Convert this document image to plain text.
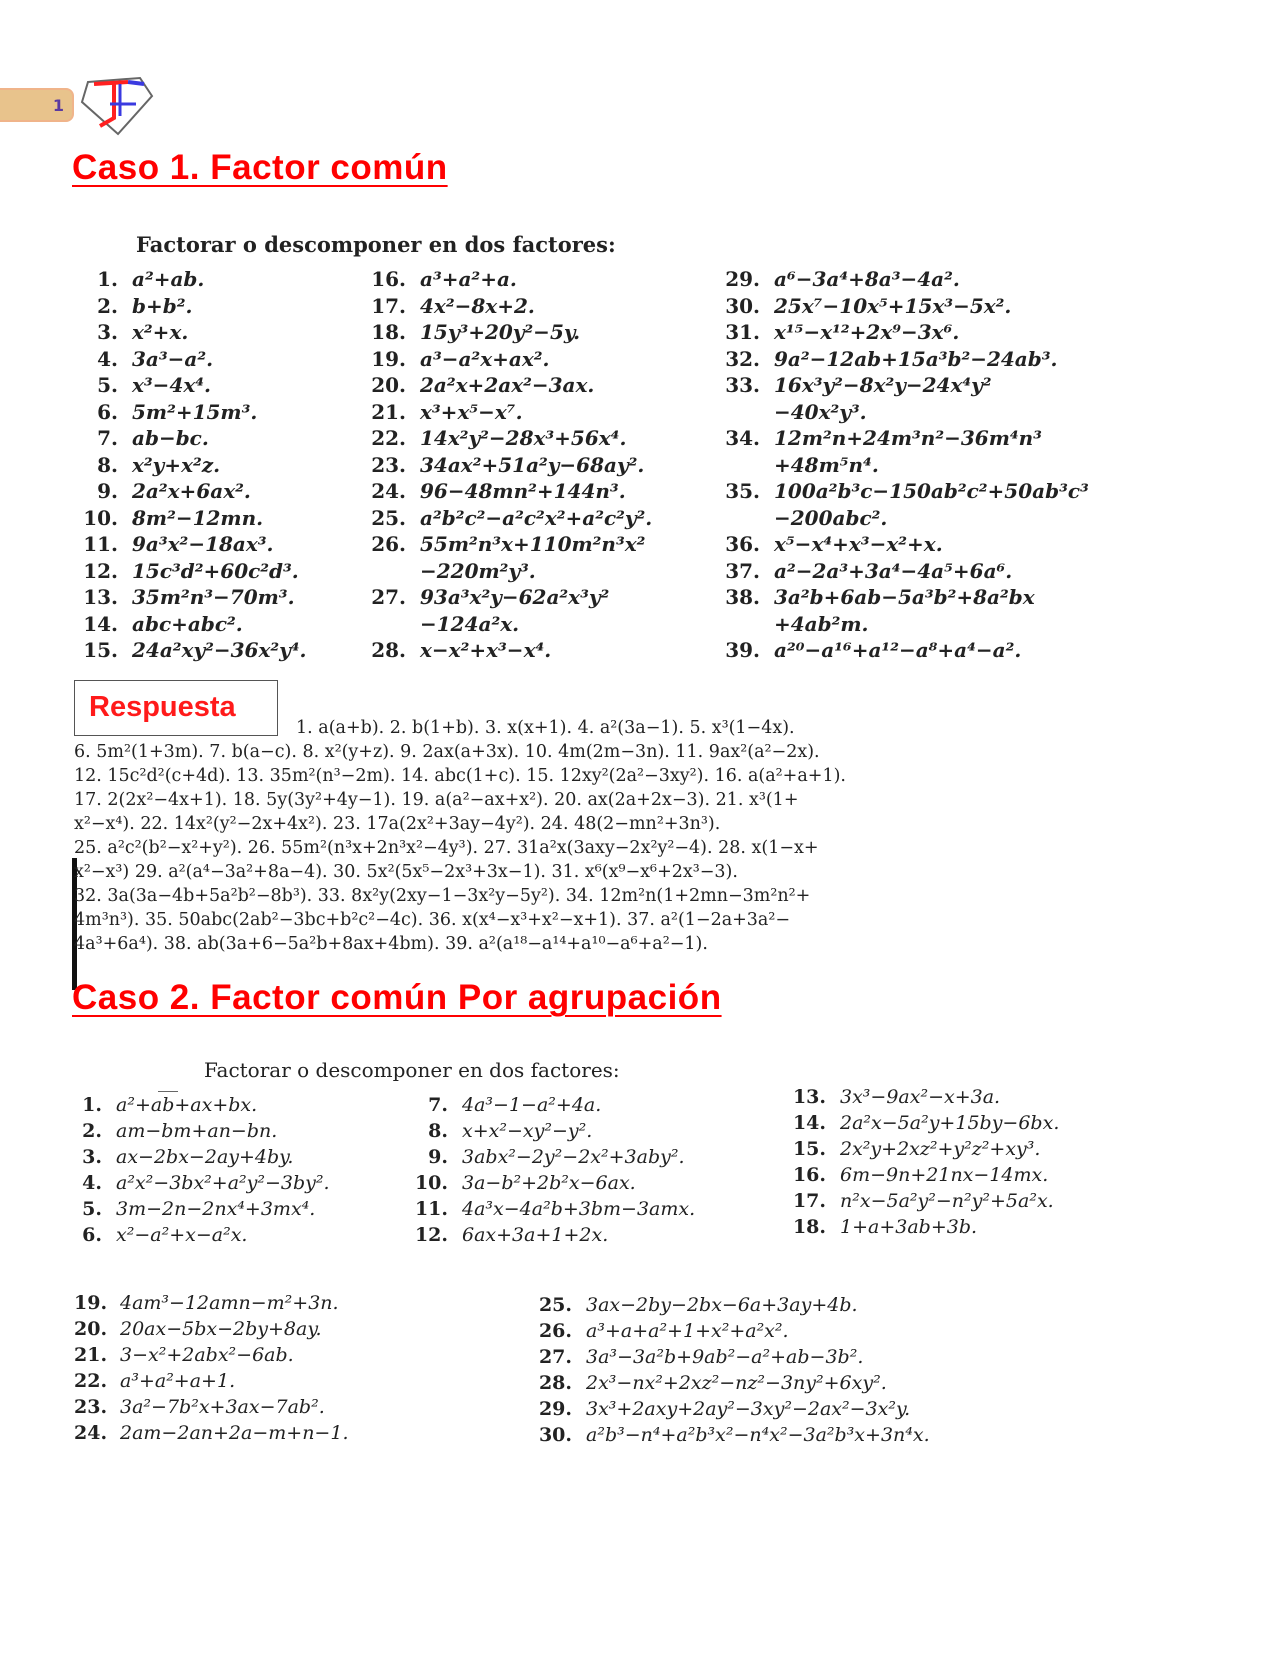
1
Caso 1. Factor común
Factorar o descomponer en dos factores:
1. a²+ab.
2. b+b².
3. x²+x.
4. 3a³−a².
5. x³−4x⁴.
6. 5m²+15m³.
7. ab−bc.
8. x²y+x²z.
9. 2a²x+6ax².
10. 8m²−12mn.
11. 9a³x²−18ax³.
12. 15c³d²+60c²d³.
13. 35m²n³−70m³.
14. abc+abc².
15. 24a²xy²−36x²y⁴.
16. a³+a²+a.
17. 4x²−8x+2.
18. 15y³+20y²−5y.
19. a³−a²x+ax².
20. 2a²x+2ax²−3ax.
21. x³+x⁵−x⁷.
22. 14x²y²−28x³+56x⁴.
23. 34ax²+51a²y−68ay².
24. 96−48mn²+144n³.
25. a²b²c²−a²c²x²+a²c²y².
26. 55m²n³x+110m²n³x²
−220m²y³.
27. 93a³x²y−62a²x³y²
−124a²x.
28. x−x²+x³−x⁴.
29. a⁶−3a⁴+8a³−4a².
30. 25x⁷−10x⁵+15x³−5x².
31. x¹⁵−x¹²+2x⁹−3x⁶.
32. 9a²−12ab+15a³b²−24ab³.
33. 16x³y²−8x²y−24x⁴y²
−40x²y³.
34. 12m²n+24m³n²−36m⁴n³
+48m⁵n⁴.
35. 100a²b³c−150ab²c²+50ab³c³
−200abc².
36. x⁵−x⁴+x³−x²+x.
37. a²−2a³+3a⁴−4a⁵+6a⁶.
38. 3a²b+6ab−5a³b²+8a²bx
+4ab²m.
39. a²⁰−a¹⁶+a¹²−a⁸+a⁴−a².
1. a(a+b). 2. b(1+b). 3. x(x+1). 4. a²(3a−1). 5. x³(1−4x).
6. 5m²(1+3m). 7. b(a−c). 8. x²(y+z). 9. 2ax(a+3x). 10. 4m(2m−3n). 11. 9ax²(a²−2x).
12. 15c²d²(c+4d). 13. 35m²(n³−2m). 14. abc(1+c). 15. 12xy²(2a²−3xy²). 16. a(a²+a+1).
17. 2(2x²−4x+1). 18. 5y(3y²+4y−1). 19. a(a²−ax+x²). 20. ax(2a+2x−3). 21. x³(1+
x²−x⁴). 22. 14x²(y²−2x+4x²). 23. 17a(2x²+3ay−4y²). 24. 48(2−mn²+3n³).
25. a²c²(b²−x²+y²). 26. 55m²(n³x+2n³x²−4y³). 27. 31a²x(3axy−2x²y²−4). 28. x(1−x+
x²−x³) 29. a²(a⁴−3a²+8a−4). 30. 5x²(5x⁵−2x³+3x−1). 31. x⁶(x⁹−x⁶+2x³−3).
32. 3a(3a−4b+5a²b²−8b³). 33. 8x²y(2xy−1−3x²y−5y²). 34. 12m²n(1+2mn−3m²n²+
4m³n³). 35. 50abc(2ab²−3bc+b²c²−4c). 36. x(x⁴−x³+x²−x+1). 37. a²(1−2a+3a²−
4a³+6a⁴). 38. ab(3a+6−5a²b+8ax+4bm). 39. a²(a¹⁸−a¹⁴+a¹⁰−a⁶+a²−1).
Respuesta
Caso 2. Factor común Por agrupación
Factorar o descomponer en dos factores:
1. a²+ab+ax+bx.
2. am−bm+an−bn.
3. ax−2bx−2ay+4by.
4. a²x²−3bx²+a²y²−3by².
5. 3m−2n−2nx⁴+3mx⁴.
6. x²−a²+x−a²x.
7. 4a³−1−a²+4a.
8. x+x²−xy²−y².
9. 3abx²−2y²−2x²+3aby².
10. 3a−b²+2b²x−6ax.
11. 4a³x−4a²b+3bm−3amx.
12. 6ax+3a+1+2x.
13. 3x³−9ax²−x+3a.
14. 2a²x−5a²y+15by−6bx.
15. 2x²y+2xz²+y²z²+xy³.
16. 6m−9n+21nx−14mx.
17. n²x−5a²y²−n²y²+5a²x.
18. 1+a+3ab+3b.
19. 4am³−12amn−m²+3n.
20. 20ax−5bx−2by+8ay.
21. 3−x²+2abx²−6ab.
22. a³+a²+a+1.
23. 3a²−7b²x+3ax−7ab².
24. 2am−2an+2a−m+n−1.
25. 3ax−2by−2bx−6a+3ay+4b.
26. a³+a+a²+1+x²+a²x².
27. 3a³−3a²b+9ab²−a²+ab−3b².
28. 2x³−nx²+2xz²−nz²−3ny²+6xy².
29. 3x³+2axy+2ay²−3xy²−2ax²−3x²y.
30. a²b³−n⁴+a²b³x²−n⁴x²−3a²b³x+3n⁴x.
